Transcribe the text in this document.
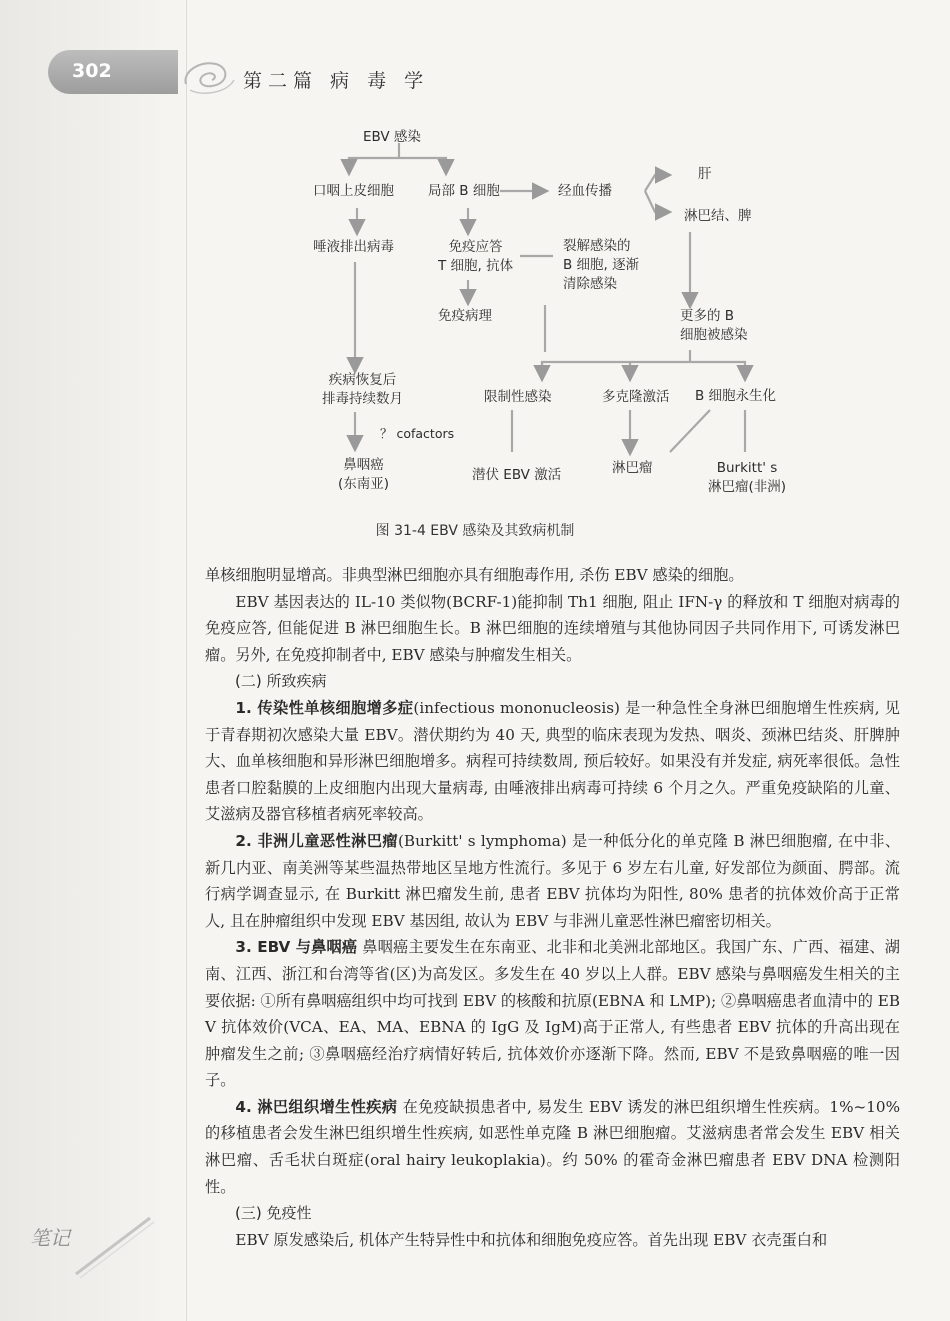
302	第二篇 病 毒 学
EBV 感染
口咽上皮细胞	局部 B 细胞	经血传播
肝
淋巴结、脾
唾液排出病毒	免疫应答
T 细胞, 抗体
裂解感染的
B 细胞, 逐渐
清除感染
免疫病理	更多的 B
细胞被感染
疾病恢复后
排毒持续数月	限制性感染	多克隆激活 B 细胞永生化
？ cofactors
鼻咽癌
(东南亚)
潜伏 EBV 激活	淋巴瘤	Burkitt' s
淋巴瘤(非洲)
图 31-4 EBV 感染及其致病机制

单核细胞明显增高。非典型淋巴细胞亦具有细胞毒作用, 杀伤 EBV 感染的细胞。

EBV 基因表达的 IL-10 类似物(BCRF-1)能抑制 Th1 细胞, 阻止 IFN-γ 的释放和 T 细胞对病毒的免疫应答, 但能促进 B 淋巴细胞生长。B 淋巴细胞的连续增殖与其他协同因子共同作用下, 可诱发淋巴瘤。另外, 在免疫抑制者中, EBV 感染与肿瘤发生相关。

(二) 所致疾病

1. 传染性单核细胞增多症(infectious mononucleosis) 是一种急性全身淋巴细胞增生性疾病, 见于青春期初次感染大量 EBV。潜伏期约为 40 天, 典型的临床表现为发热、咽炎、颈淋巴结炎、肝脾肿大、血单核细胞和异形淋巴细胞增多。病程可持续数周, 预后较好。如果没有并发症, 病死率很低。急性患者口腔黏膜的上皮细胞内出现大量病毒, 由唾液排出病毒可持续 6 个月之久。严重免疫缺陷的儿童、艾滋病及器官移植者病死率较高。

2. 非洲儿童恶性淋巴瘤(Burkitt' s lymphoma) 是一种低分化的单克隆 B 淋巴细胞瘤, 在中非、新几内亚、南美洲等某些温热带地区呈地方性流行。多见于 6 岁左右儿童, 好发部位为颜面、腭部。流行病学调查显示, 在 Burkitt 淋巴瘤发生前, 患者 EBV 抗体均为阳性, 80% 患者的抗体效价高于正常人, 且在肿瘤组织中发现 EBV 基因组, 故认为 EBV 与非洲儿童恶性淋巴瘤密切相关。

3. EBV 与鼻咽癌 鼻咽癌主要发生在东南亚、北非和北美洲北部地区。我国广东、广西、福建、湖南、江西、浙江和台湾等省(区)为高发区。多发生在 40 岁以上人群。EBV 感染与鼻咽癌发生相关的主要依据: ①所有鼻咽癌组织中均可找到 EBV 的核酸和抗原(EBNA 和 LMP); ②鼻咽癌患者血清中的 EBV 抗体效价(VCA、EA、MA、EBNA 的 IgG 及 IgM)高于正常人, 有些患者 EBV 抗体的升高出现在肿瘤发生之前; ③鼻咽癌经治疗病情好转后, 抗体效价亦逐渐下降。然而, EBV 不是致鼻咽癌的唯一因子。

4. 淋巴组织增生性疾病 在免疫缺损患者中, 易发生 EBV 诱发的淋巴组织增生性疾病。1%~10% 的移植患者会发生淋巴组织增生性疾病, 如恶性单克隆 B 淋巴细胞瘤。艾滋病患者常会发生 EBV 相关淋巴瘤、舌毛状白斑症(oral hairy leukoplakia)。约 50% 的霍奇金淋巴瘤患者 EBV DNA 检测阳性。

(三) 免疫性

EBV 原发感染后, 机体产生特异性中和抗体和细胞免疫应答。首先出现 EBV 衣壳蛋白和

笔记
